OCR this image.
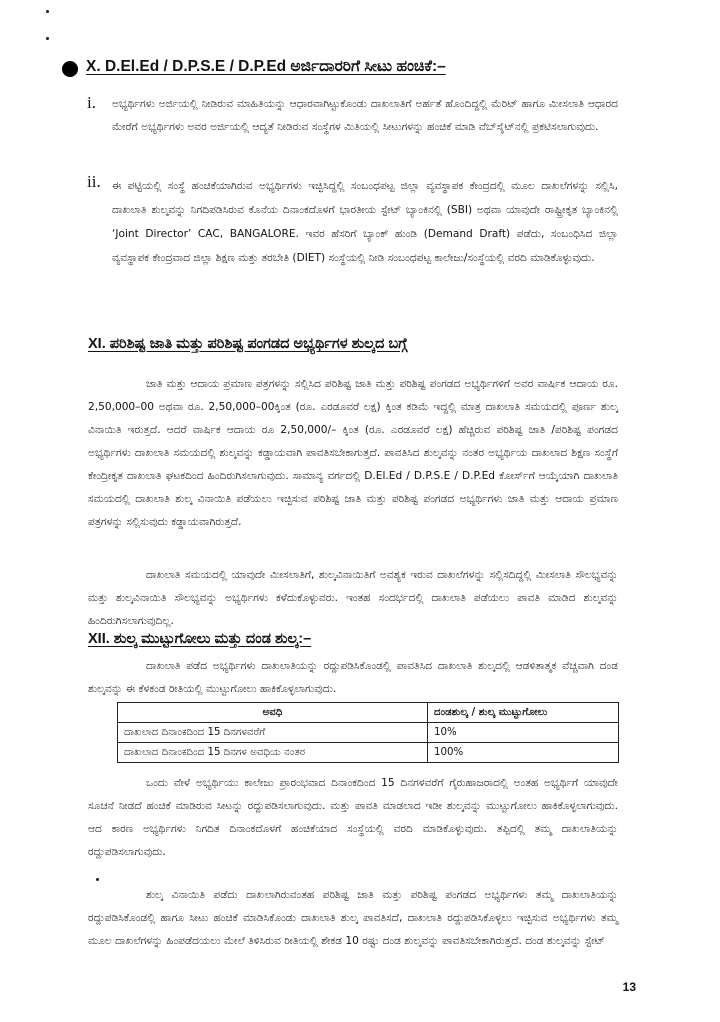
X. D.El.Ed / D.P.S.E / D.P.Ed ಅರ್ಜಿದಾರರಿಗೆ ಸೀಟು ಹಂಚಿಕೆ:–
i. ಅಭ್ಯರ್ಥಿಗಳು ಅರ್ಜಿಯಲ್ಲಿ ನೀಡಿರುವ ಮಾಹಿತಿಯನ್ನು ಆಧಾರವಾಗಿಟ್ಟುಕೊಂಡು ದಾಖಲಾತಿಗೆ ಅರ್ಹತೆ ಹೊಂದಿದ್ದಲ್ಲಿ ಮೆರಿಟ್ ಹಾಗೂ ಮೀಸಲಾತಿ ಆಧಾರದ ಮೇರೆಗೆ ಅಭ್ಯರ್ಥಿಗಳು ಅವರ ಅರ್ಜಿಯಲ್ಲಿ ಆದ್ಯತೆ ನೀಡಿರುವ ಸಂಸ್ಥೆಗಳ ಮಿತಿಯಲ್ಲಿ ಸೀಟುಗಳನ್ನು ಹಂಚಿಕೆ ಮಾಡಿ ವೆಬ್‌ಸೈಟ್‌ನಲ್ಲಿ ಪ್ರಕಟಿಸಲಾಗುವುದು.

ii. ಈ ಪಟ್ಟಿಯಲ್ಲಿ ಸಂಸ್ಥೆ ಹಂಚಿಕೆಯಾಗಿರುವ ಅಭ್ಯರ್ಥಿಗಳು ಇಚ್ಛಿಸಿದ್ದಲ್ಲಿ ಸಂಬಂಧಪಟ್ಟ ಜಿಲ್ಲಾ ವ್ಯವಸ್ಥಾಪಕ ಕೇಂದ್ರದಲ್ಲಿ ಮೂಲ ದಾಖಲೆಗಳನ್ನು ಸಲ್ಲಿಸಿ, ದಾಖಲಾತಿ ಶುಲ್ಕವನ್ನು ನಿಗದಿಪಡಿಸಿರುವ ಕೊನೆಯ ದಿನಾಂಕದೊಳಗೆ ಭಾರತೀಯ ಸ್ಟೇಟ್ ಬ್ಯಾಂಕಿನಲ್ಲಿ (SBI) ಅಥವಾ ಯಾವುದೇ ರಾಷ್ಟ್ರೀಕೃತ ಬ್ಯಾಂಕಿನಲ್ಲಿ ‘Joint Director’ CAC, BANGALORE. ಇವರ ಹೆಸರಿಗೆ ಬ್ಯಾಂಕ್ ಹುಂಡಿ (Demand Draft) ಪಡೆದು, ಸಂಬಂಧಿಸಿದ ಜಿಲ್ಲಾ ವ್ಯವಸ್ಥಾಪಕ ಕೇಂದ್ರವಾದ ಜಿಲ್ಲಾ ಶಿಕ್ಷಣ ಮತ್ತು ತರಬೇತಿ (DIET) ಸಂಸ್ಥೆಯಲ್ಲಿ ನೀಡಿ ಸಂಬಂಧಪಟ್ಟ ಕಾಲೇಜು/ಸಂಸ್ಥೆಯಲ್ಲಿ ವರದಿ ಮಾಡಿಕೊಳ್ಳುವುದು.

XI. ಪರಿಶಿಷ್ಟ ಜಾತಿ ಮತ್ತು ಪರಿಶಿಷ್ಟ ಪಂಗಡದ ಅಭ್ಯರ್ಥಿಗಳ ಶುಲ್ಕದ ಬಗ್ಗೆ

ಜಾತಿ ಮತ್ತು ಆದಾಯ ಪ್ರಮಾಣ ಪತ್ರಗಳನ್ನು ಸಲ್ಲಿಸಿದ ಪರಿಶಿಷ್ಟ ಜಾತಿ ಮತ್ತು ಪರಿಶಿಷ್ಟ ಪಂಗಡದ ಅಭ್ಯರ್ಥಿಗಳಿಗೆ ಅವರ ವಾರ್ಷಿಕ ಆದಾಯ ರೂ. 2,50,000–00 ಅಥವಾ ರೂ. 2,50,000–00ಕ್ಕಿಂತ (ರೂ. ಎರಡೂವರೆ ಲಕ್ಷ) ಕ್ಕಿಂತ ಕಡಿಮೆ ಇದ್ದಲ್ಲಿ ಮಾತ್ರ ದಾಖಲಾತಿ ಸಮಯದಲ್ಲಿ ಪೂರ್ಣ ಶುಲ್ಕ ವಿನಾಯಿತಿ ಇರುತ್ತದೆ. ಆದರೆ ವಾರ್ಷಿಕ ಆದಾಯ ರೂ 2,50,000/– ಕ್ಕಿಂತ (ರೂ. ಎರಡೂವರೆ ಲಕ್ಷ) ಹೆಚ್ಚಿರುವ ಪರಿಶಿಷ್ಟ ಜಾತಿ /ಪರಿಶಿಷ್ಟ ಪಂಗಡದ ಅಭ್ಯರ್ಥಿಗಳು ದಾಖಲಾತಿ ಸಮಯದಲ್ಲಿ ಶುಲ್ಕವನ್ನು ಕಡ್ಡಾಯವಾಗಿ ಪಾವತಿಸಬೇಕಾಗುತ್ತದೆ. ಪಾವತಿಸಿದ ಶುಲ್ಕವನ್ನು ನಂತರ ಅಭ್ಯರ್ಥಿಯ ದಾಖಲಾದ ಶಿಕ್ಷಣ ಸಂಸ್ಥೆಗೆ ಕೇಂದ್ರೀಕೃತ ದಾಖಲಾತಿ ಘಟಕದಿಂದ ಹಿಂದಿರುಗಿಸಲಾಗುವುದು. ಸಾಮಾನ್ಯ ವರ್ಗದಲ್ಲಿ D.El.Ed / D.P.S.E / D.P.Ed ಕೋರ್ಸ್‌ಗೆ ಆಯ್ಕೆಯಾಗಿ ದಾಖಲಾತಿ ಸಮಯದಲ್ಲಿ ದಾಖಲಾತಿ ಶುಲ್ಕ ವಿನಾಯಿತಿ ಪಡೆಯಲು ಇಚ್ಛಿಸುವ ಪರಿಶಿಷ್ಟ ಜಾತಿ ಮತ್ತು ಪರಿಶಿಷ್ಟ ಪಂಗಡದ ಅಭ್ಯರ್ಥಿಗಳು ಜಾತಿ ಮತ್ತು ಆದಾಯ ಪ್ರಮಾಣ ಪತ್ರಗಳನ್ನು ಸಲ್ಲಿಸುವುದು ಕಡ್ಡಾಯವಾಗಿರುತ್ತದೆ.

ದಾಖಲಾತಿ ಸಮಯದಲ್ಲಿ ಯಾವುದೇ ಮೀಸಲಾತಿಗೆ, ಶುಲ್ಕವಿನಾಯಿತಿಗೆ ಅವಶ್ಯಕ ಇರುವ ದಾಖಲೆಗಳನ್ನು ಸಲ್ಲಿಸದಿದ್ದಲ್ಲಿ ಮೀಸಲಾತಿ ಸೌಲಭ್ಯವನ್ನು ಮತ್ತು ಶುಲ್ಕವಿನಾಯಿತಿ ಸೌಲಭ್ಯವನ್ನು ಅಭ್ಯರ್ಥಿಗಳು ಕಳೆದುಕೊಳ್ಳುವರು. ಇಂತಹ ಸಂದರ್ಭದಲ್ಲಿ ದಾಖಲಾತಿ ಪಡೆಯಲು ಪಾವತಿ ಮಾಡಿದ ಶುಲ್ಕವನ್ನು ಹಿಂದಿರುಗಿಸಲಾಗುವುದಿಲ್ಲ.

XII. ಶುಲ್ಕ ಮುಟ್ಟುಗೋಲು ಮತ್ತು ದಂಡ ಶುಲ್ಕ:–

ದಾಖಲಾತಿ ಪಡೆದ ಅಭ್ಯರ್ಥಿಗಳು ದಾಖಲಾತಿಯನ್ನು ರದ್ದುಪಡಿಸಿಕೊಂಡಲ್ಲಿ ಪಾವತಿಸಿದ ದಾಖಲಾತಿ ಶುಲ್ಕದಲ್ಲಿ ಆಡಳಿತಾತ್ಮಕ ವೆಚ್ಚವಾಗಿ ದಂಡ ಶುಲ್ಕವನ್ನು ಈ ಕೆಳಕಂಡ ರೀತಿಯಲ್ಲಿ ಮುಟ್ಟುಗೋಲು ಹಾಕಿಕೊಳ್ಳಲಾಗುವುದು.

ಅವಧಿ	ದಂಡಶುಲ್ಕ / ಶುಲ್ಕ ಮುಟ್ಟುಗೋಲು
ದಾಖಲಾದ ದಿನಾಂಕದಿಂದ 15 ದಿನಗಳವರೆಗೆ	10%
ದಾಖಲಾದ ದಿನಾಂಕದಿಂದ 15 ದಿನಗಳ ಅವಧಿಯ ನಂತರ	100%

ಒಂದು ವೇಳೆ ಅಭ್ಯರ್ಥಿಯು ಕಾಲೇಜು ಪ್ರಾರಂಭವಾದ ದಿನಾಂಕದಿಂದ 15 ದಿನಗಳವರೆಗೆ ಗೈರುಹಾಜರಾದಲ್ಲಿ ಅಂತಹ ಅಭ್ಯರ್ಥಿಗೆ ಯಾವುದೇ ಸೂಚನೆ ನೀಡದೆ ಹಂಚಿಕೆ ಮಾಡಿರುವ ಸೀಟನ್ನು ರದ್ದುಪಡಿಸಲಾಗುವುದು. ಮತ್ತು ಪಾವತಿ ಮಾಡಲಾದ ಇಡೀ ಶುಲ್ಕವನ್ನು ಮುಟ್ಟುಗೋಲು ಹಾಕಿಕೊಳ್ಳಲಾಗುವುದು. ಆದ ಕಾರಣ ಅಭ್ಯರ್ಥಿಗಳು ನಿಗದಿತ ದಿನಾಂಕದೊಳಗೆ ಹಂಚಿಕೆಯಾದ ಸಂಸ್ಥೆಯಲ್ಲಿ ವರದಿ ಮಾಡಿಕೊಳ್ಳುವುದು. ತಪ್ಪಿದಲ್ಲಿ ತಮ್ಮ ದಾಖಲಾತಿಯನ್ನು ರದ್ದುಪಡಿಸಲಾಗುವುದು.

ಶುಲ್ಕ ವಿನಾಯಿತಿ ಪಡೆದು ದಾಖಲಾಗಿರುವಂತಹ ಪರಿಶಿಷ್ಟ ಜಾತಿ ಮತ್ತು ಪರಿಶಿಷ್ಟ ಪಂಗಡದ ಅಭ್ಯರ್ಥಿಗಳು ತಮ್ಮ ದಾಖಲಾತಿಯನ್ನು ರದ್ದುಪಡಿಸಿಕೊಂಡಲ್ಲಿ ಹಾಗೂ ಸೀಟು ಹಂಚಿಕೆ ಮಾಡಿಸಿಕೊಂಡು ದಾಖಲಾತಿ ಶುಲ್ಕ ಪಾವತಿಸದೆ, ದಾಖಲಾತಿ ರದ್ದುಪಡಿಸಿಕೊಳ್ಳಲು ಇಚ್ಛಿಸುವ ಅಭ್ಯರ್ಥಿಗಳು ತಮ್ಮ ಮೂಲ ದಾಖಲೆಗಳನ್ನು ಹಿಂಪಡೆದಯಲು ಮೇಲೆ ತಿಳಿಸಿರುವ ರೀತಿಯಲ್ಲಿ ಶೇಕಡ 10 ರಷ್ಟು ದಂಡ ಶುಲ್ಕವನ್ನು ಪಾವತಿಸಬೇಕಾಗಿರುತ್ತದೆ. ದಂಡ ಶುಲ್ಕವನ್ನು ಸ್ಟೇಟ್

13
